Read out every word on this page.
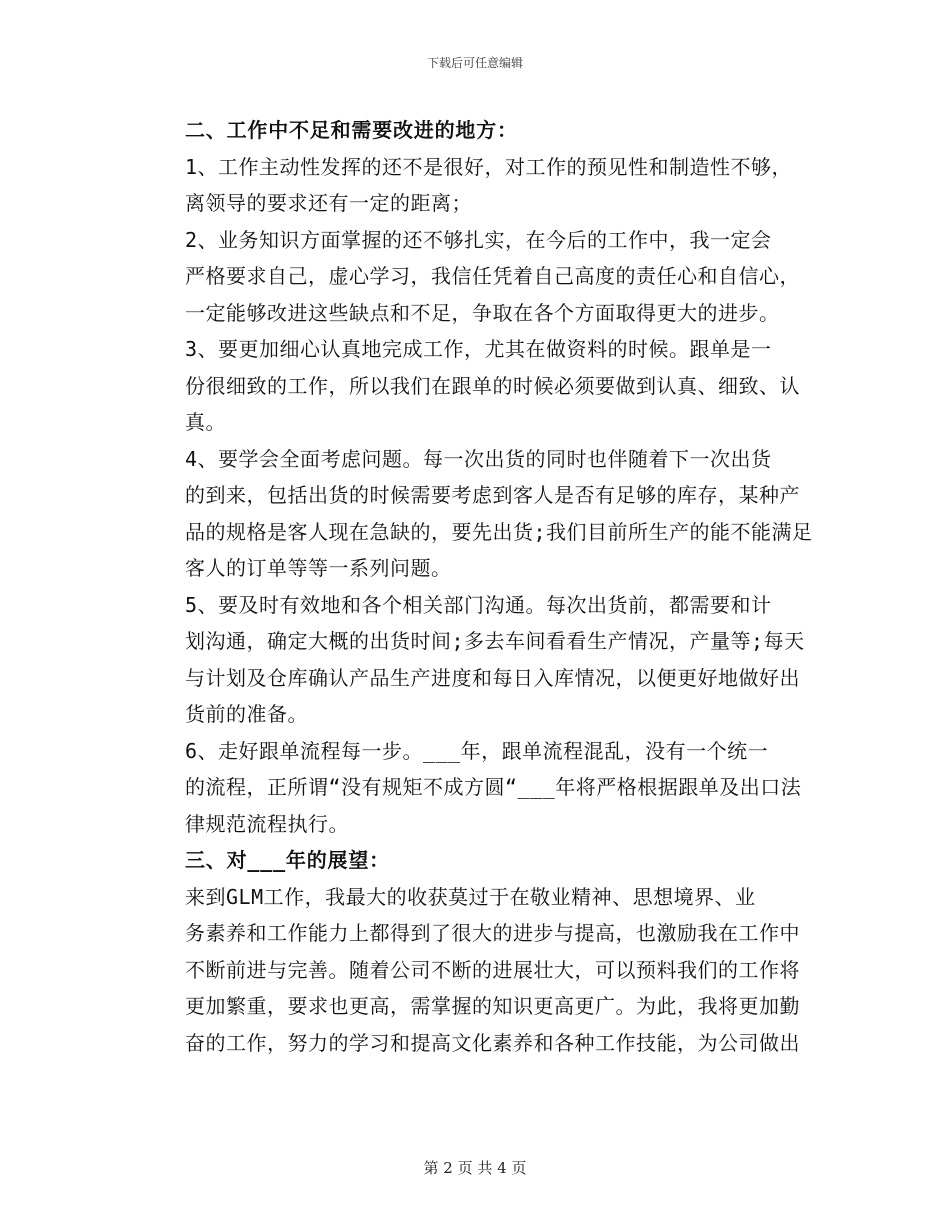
下载后可任意编辑
二、工作中不足和需要改进的地方：
1、工作主动性发挥的还不是很好，对工作的预见性和制造性不够，
离领导的要求还有一定的距离；
2、业务知识方面掌握的还不够扎实，在今后的工作中，我一定会
严格要求自己，虚心学习，我信任凭着自己高度的责任心和自信心，
一定能够改进这些缺点和不足，争取在各个方面取得更大的进步。
3、要更加细心认真地完成工作，尤其在做资料的时候。跟单是一
份很细致的工作，所以我们在跟单的时候必须要做到认真、细致、认
真。
4、要学会全面考虑问题。每一次出货的同时也伴随着下一次出货
的到来，包括出货的时候需要考虑到客人是否有足够的库存，某种产
品的规格是客人现在急缺的，要先出货;我们目前所生产的能不能满足
客人的订单等等一系列问题。
5、要及时有效地和各个相关部门沟通。每次出货前，都需要和计
划沟通，确定大概的出货时间;多去车间看看生产情况，产量等;每天
与计划及仓库确认产品生产进度和每日入库情况，以便更好地做好出
货前的准备。
6、走好跟单流程每一步。___年，跟单流程混乱，没有一个统一
的流程，正所谓“没有规矩不成方圆“___年将严格根据跟单及出口法
律规范流程执行。
三、对___年的展望：
来到GLM工作，我最大的收获莫过于在敬业精神、思想境界、业
务素养和工作能力上都得到了很大的进步与提高，也激励我在工作中
不断前进与完善。随着公司不断的进展壮大，可以预料我们的工作将
更加繁重，要求也更高，需掌握的知识更高更广。为此，我将更加勤
奋的工作，努力的学习和提高文化素养和各种工作技能，为公司做出
第 2 页 共 4 页
